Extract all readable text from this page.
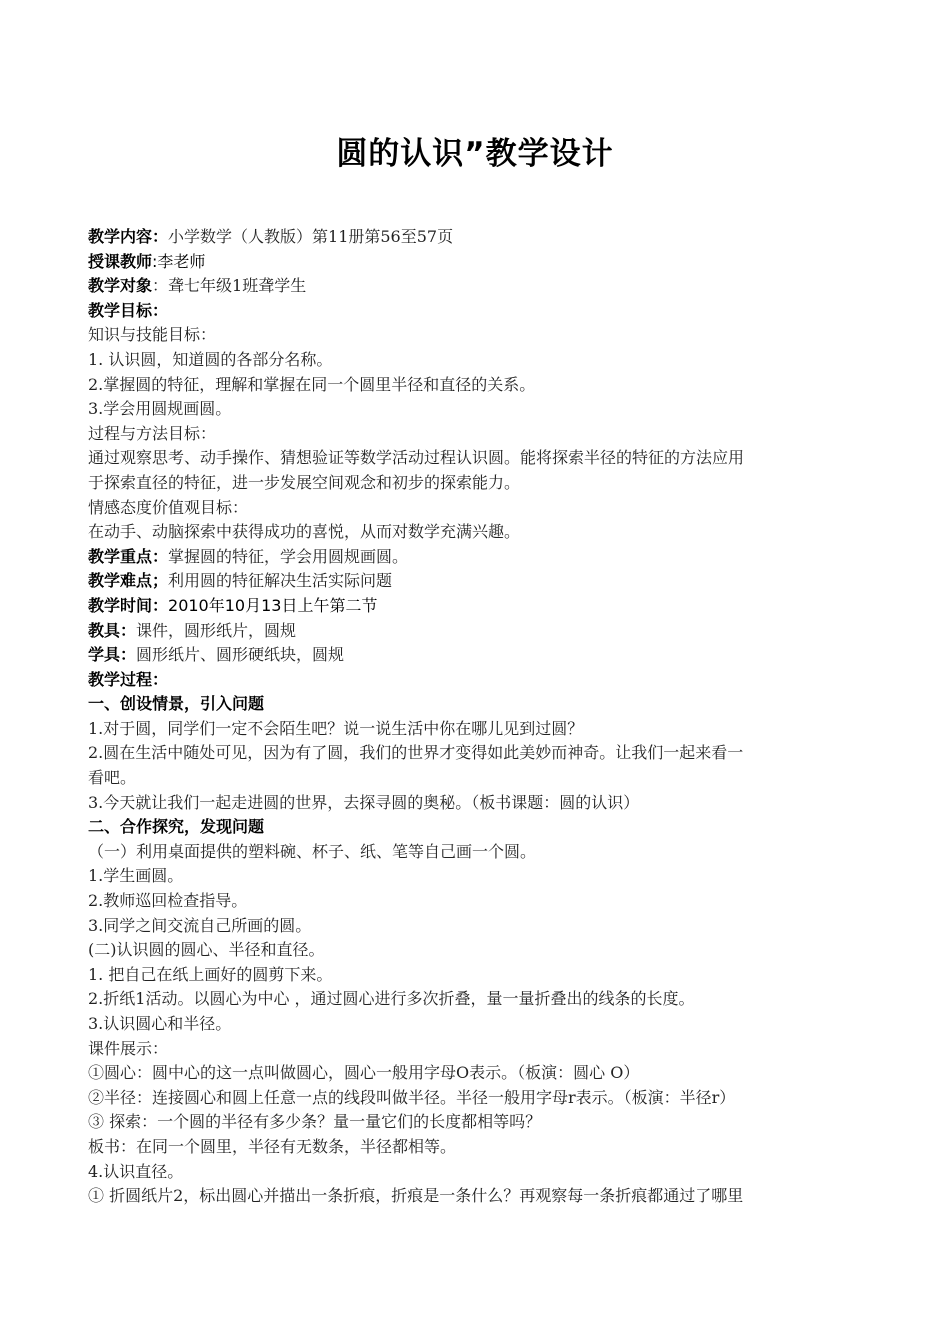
圆的认识”教学设计
教学内容：小学数学（人教版）第11册第56至57页
授课教师:李老师
教学对象：聋七年级1班聋学生
教学目标：
知识与技能目标：
1. 认识圆，知道圆的各部分名称。
2.掌握圆的特征，理解和掌握在同一个圆里半径和直径的关系。
3.学会用圆规画圆。
过程与方法目标：
通过观察思考、动手操作、猜想验证等数学活动过程认识圆。能将探索半径的特征的方法应用
于探索直径的特征，进一步发展空间观念和初步的探索能力。
情感态度价值观目标：
在动手、动脑探索中获得成功的喜悦，从而对数学充满兴趣。
教学重点：掌握圆的特征，学会用圆规画圆。
教学难点；利用圆的特征解决生活实际问题
教学时间：2010年10月13日上午第二节
教具：课件，圆形纸片，圆规
学具：圆形纸片、圆形硬纸块，圆规
教学过程：
一、创设情景，引入问题
1.对于圆，同学们一定不会陌生吧？说一说生活中你在哪儿见到过圆？
2.圆在生活中随处可见，因为有了圆，我们的世界才变得如此美妙而神奇。让我们一起来看一
看吧。
3.今天就让我们一起走进圆的世界，去探寻圆的奥秘。（板书课题：圆的认识）
二、合作探究，发现问题
（一）利用桌面提供的塑料碗、杯子、纸、笔等自己画一个圆。
1.学生画圆。
2.教师巡回检查指导。
3.同学之间交流自己所画的圆。
(二)认识圆的圆心、半径和直径。
1. 把自己在纸上画好的圆剪下来。
2.折纸1活动。以圆心为中心 ，通过圆心进行多次折叠，量一量折叠出的线条的长度。
3.认识圆心和半径。
课件展示：
①圆心：圆中心的这一点叫做圆心，圆心一般用字母O表示。（板演：圆心 O）
②半径：连接圆心和圆上任意一点的线段叫做半径。半径一般用字母r表示。（板演：半径r）
③ 探索：一个圆的半径有多少条？量一量它们的长度都相等吗？
板书：在同一个圆里，半径有无数条，半径都相等。
4.认识直径。
① 折圆纸片2，标出圆心并描出一条折痕，折痕是一条什么？再观察每一条折痕都通过了哪里
